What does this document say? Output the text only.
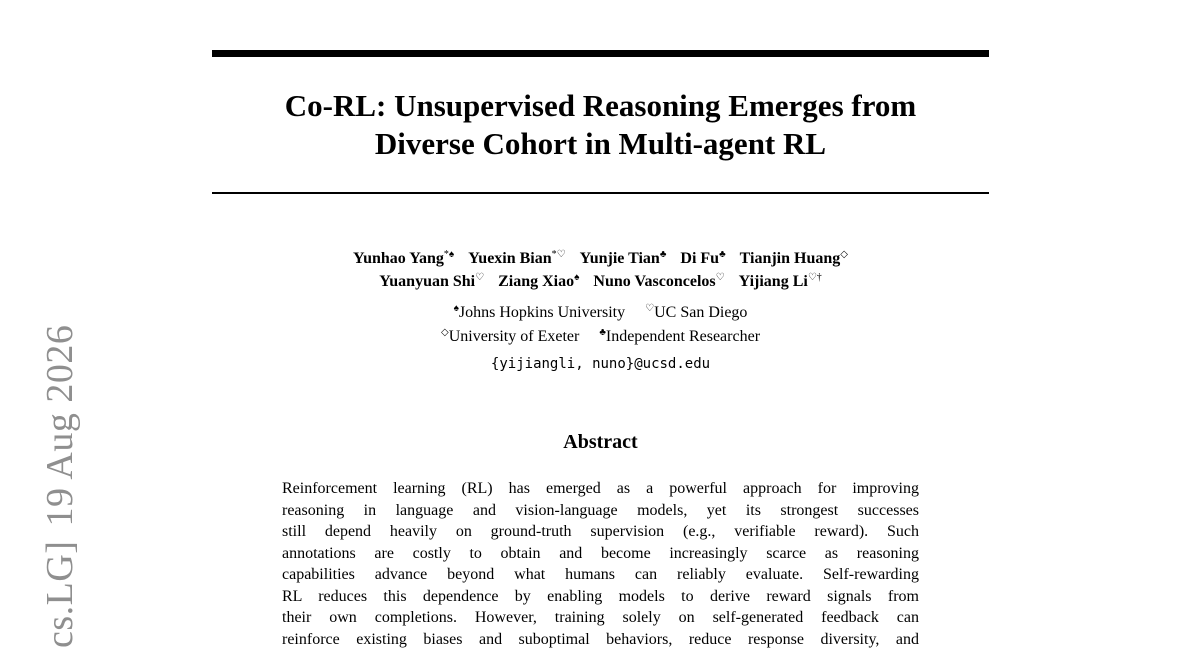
cs.LG]19 Aug 2026
Co-RL: Unsupervised Reasoning Emerges from
Diverse Cohort in Multi-agent RL
Yunhao Yang*♠ Yuexin Bian*♡ Yunjie Tian♣ Di Fu♣ Tianjin Huang◇
Yuanyuan Shi♡ Ziang Xiao♠ Nuno Vasconcelos♡ Yijiang Li♡†
♠Johns Hopkins University ♡UC San Diego
◇University of Exeter ♣Independent Researcher
{yijiangli, nuno}@ucsd.edu
Abstract
Reinforcement learning (RL) has emerged as a powerful approach for improving
reasoning in language and vision-language models, yet its strongest successes
still depend heavily on ground-truth supervision (e.g., verifiable reward). Such
annotations are costly to obtain and become increasingly scarce as reasoning
capabilities advance beyond what humans can reliably evaluate. Self-rewarding
RL reduces this dependence by enabling models to derive reward signals from
their own completions. However, training solely on self-generated feedback can
reinforce existing biases and suboptimal behaviors, reduce response diversity, and
